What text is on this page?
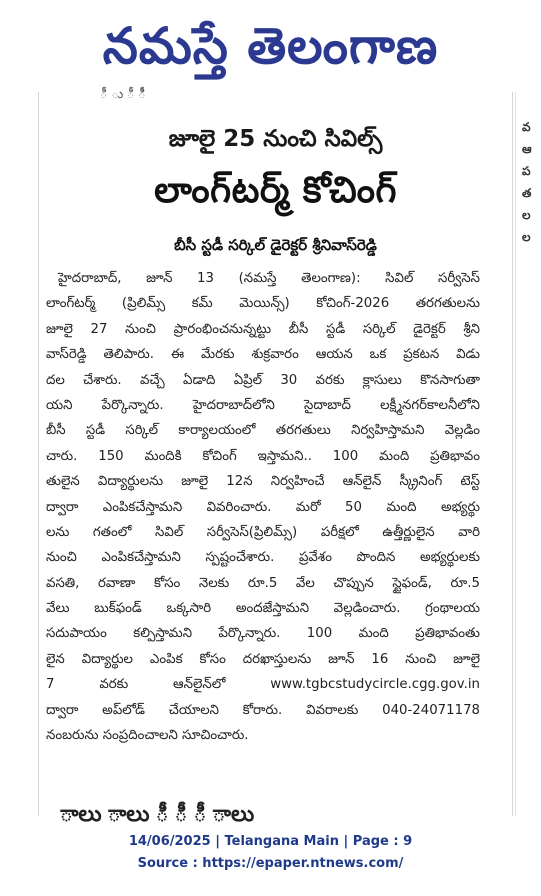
నమస్తే తెలంగాణ
ీ ు ీ ిీ
వ
ఆ
ప
త
ల
ల
జూలై 25 నుంచి సివిల్స్
లాంగ్‌టర్మ్ కోచింగ్
బీసీ స్టడీ సర్కిల్ డైరెక్టర్ శ్రీనివాస్‌రెడ్డి
హైదరాబాద్, జూన్ 13 (నమస్తే తెలంగాణ): సివిల్ సర్వీసెస్
లాంగ్‌టర్మ్ (ప్రిలిమ్స్ కమ్ మెయిన్స్) కోచింగ్-2026 తరగతులను
జూలై 27 నుంచి ప్రారంభించనున్నట్టు బీసీ స్టడీ సర్కిల్ డైరెక్టర్ శ్రీని
వాస్‌రెడ్డి తెలిపారు. ఈ మేరకు శుక్రవారం ఆయన ఒక ప్రకటన విడు
దల చేశారు. వచ్చే ఏడాది ఏప్రిల్ 30 వరకు క్లాసులు కొనసాగుతా
యని పేర్కొన్నారు. హైదరాబాద్‌లోని సైదాబాద్ లక్ష్మీనగర్‌కాలనీలోని
బీసీ స్టడీ సర్కిల్ కార్యాలయంలో తరగతులు నిర్వహిస్తామని వెల్లడిం
చారు. 150 మందికి కోచింగ్ ఇస్తామని.. 100 మంది ప్రతిభావం
తులైన విద్యార్థులను జూలై 12న నిర్వహించే ఆన్‌లైన్ స్క్రీనింగ్ టెస్ట్
ద్వారా ఎంపికచేస్తామని వివరించారు. మరో 50 మంది అభ్యర్థు
లను గతంలో సివిల్ సర్వీసెస్(ప్రిలిమ్స్) పరీక్షలో ఉత్తీర్ణులైన వారి
నుంచి ఎంపికచేస్తామని స్పష్టంచేశారు. ప్రవేశం పొందిన అభ్యర్థులకు
వసతి, రవాణా కోసం నెలకు రూ.5 వేల చొప్పున స్టైఫండ్, రూ.5
వేలు బుక్‌ఫండ్ ఒక్కసారి అందజేస్తామని వెల్లడించారు. గ్రంథాలయ
సదుపాయం కల్పిస్తామని పేర్కొన్నారు. 100 మంది ప్రతిభావంతు
లైన విద్యార్థుల ఎంపిక కోసం దరఖాస్తులను జూన్ 16 నుంచి జూలై
7 వరకు ఆన్‌లైన్‌లో www.tgbcstudycircle.cgg.gov.in
ద్వారా అప్‌లోడ్ చేయాలని కోరారు. వివరాలకు 040-24071178
నంబరును సంప్రదించాలని సూచించారు.
ాలు ాలు ీ ీ ీ ాలు
14/06/2025 | Telangana Main | Page : 9
Source : https://epaper.ntnews.com/
